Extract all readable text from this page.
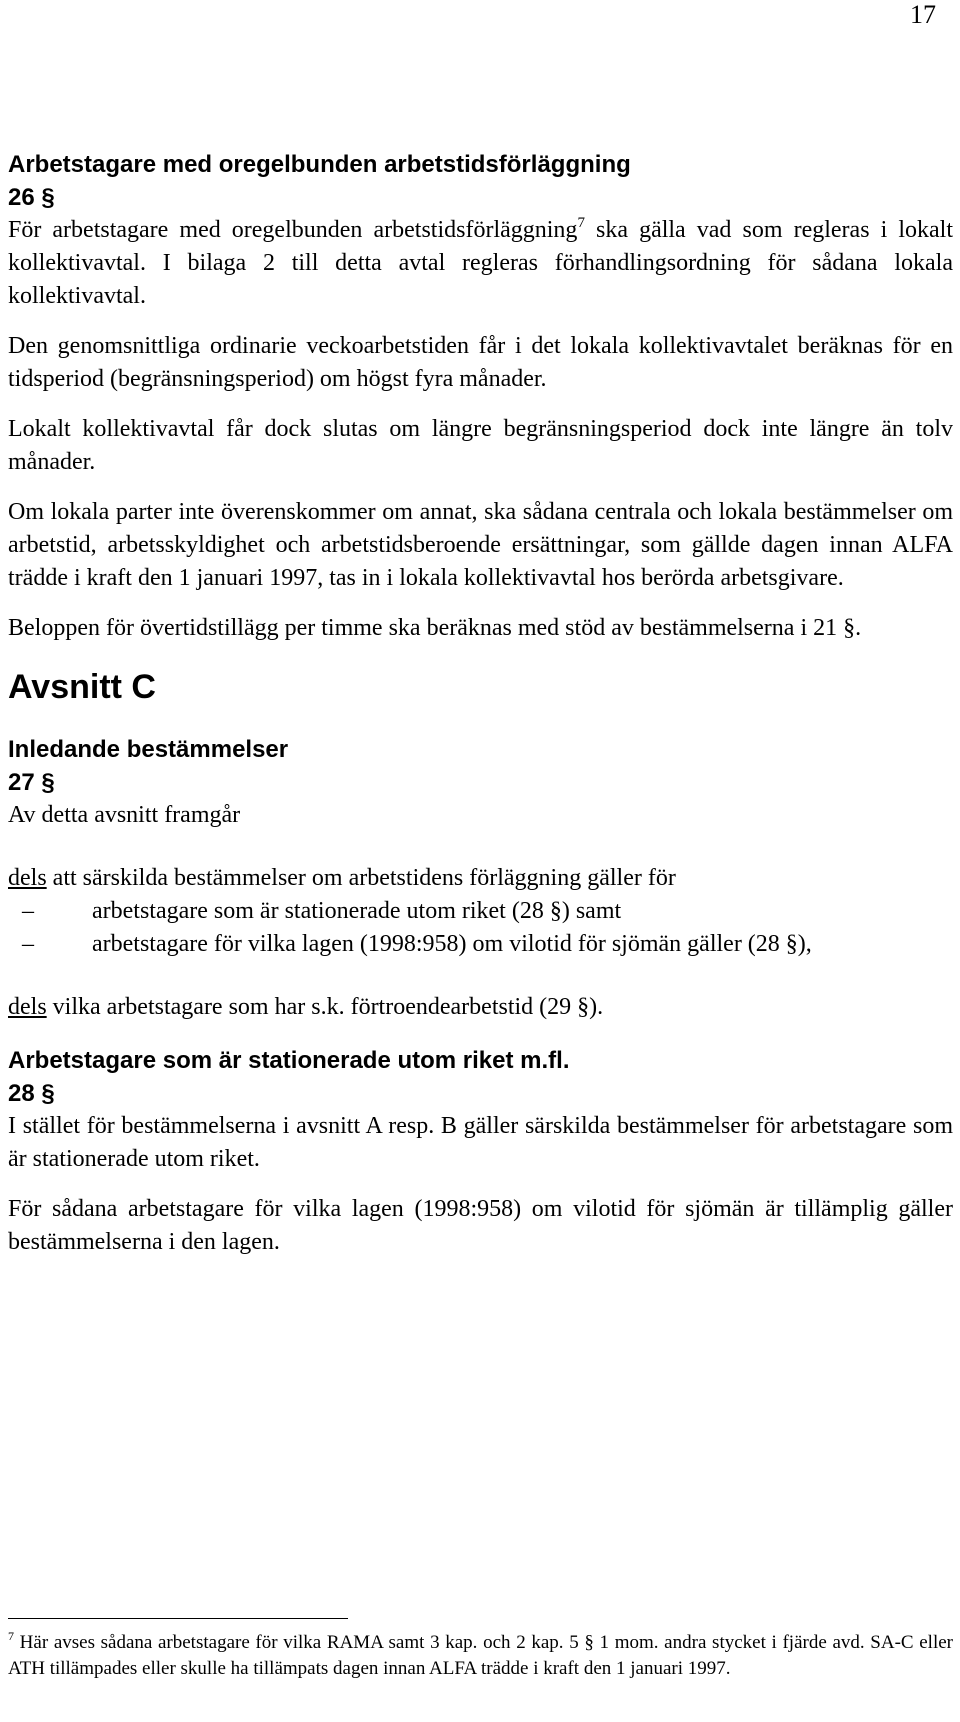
17
Arbetstagare med oregelbunden arbetstidsförläggning
26 §

För arbetstagare med oregelbunden arbetstidsförläggning$^7$ ska gälla vad som regleras i lokalt kollektivavtal. I bilaga 2 till detta avtal regleras förhandlingsordning för sådana lokala kollektivavtal.

Den genomsnittliga ordinarie veckoarbetstiden får i det lokala kollektivavtalet beräknas för en tidsperiod (begränsningsperiod) om högst fyra månader.

Lokalt kollektivavtal får dock slutas om längre begränsningsperiod dock inte längre än tolv månader.

Om lokala parter inte överenskommer om annat, ska sådana centrala och lokala bestämmelser om arbetstid, arbetsskyldighet och arbetstidsberoende ersättningar, som gällde dagen innan ALFA trädde i kraft den 1 januari 1997, tas in i lokala kollektivavtal hos berörda arbetsgivare.

Beloppen för övertidstillägg per timme ska beräknas med stöd av bestämmelserna i 21 §.

Avsnitt C
Inledande bestämmelser
27 §

Av detta avsnitt framgår

dels att särskilda bestämmelser om arbetstidens förläggning gäller för

– arbetstagare som är stationerade utom riket (28 §) samt
– arbetstagare för vilka lagen (1998:958) om vilotid för sjömän gäller (28 §),

dels vilka arbetstagare som har s.k. förtroendearbetstid (29 §).

Arbetstagare som är stationerade utom riket m.fl.
28 §

I stället för bestämmelserna i avsnitt A resp. B gäller särskilda bestämmelser för arbetstagare som är stationerade utom riket.

För sådana arbetstagare för vilka lagen (1998:958) om vilotid för sjömän är tillämplig gäller bestämmelserna i den lagen.

$^7$ Här avses sådana arbetstagare för vilka RAMA samt 3 kap. och 2 kap. 5 § 1 mom. andra stycket i fjärde avd. SA-C eller ATH tillämpades eller skulle ha tillämpats dagen innan ALFA trädde i kraft den 1 januari 1997.
